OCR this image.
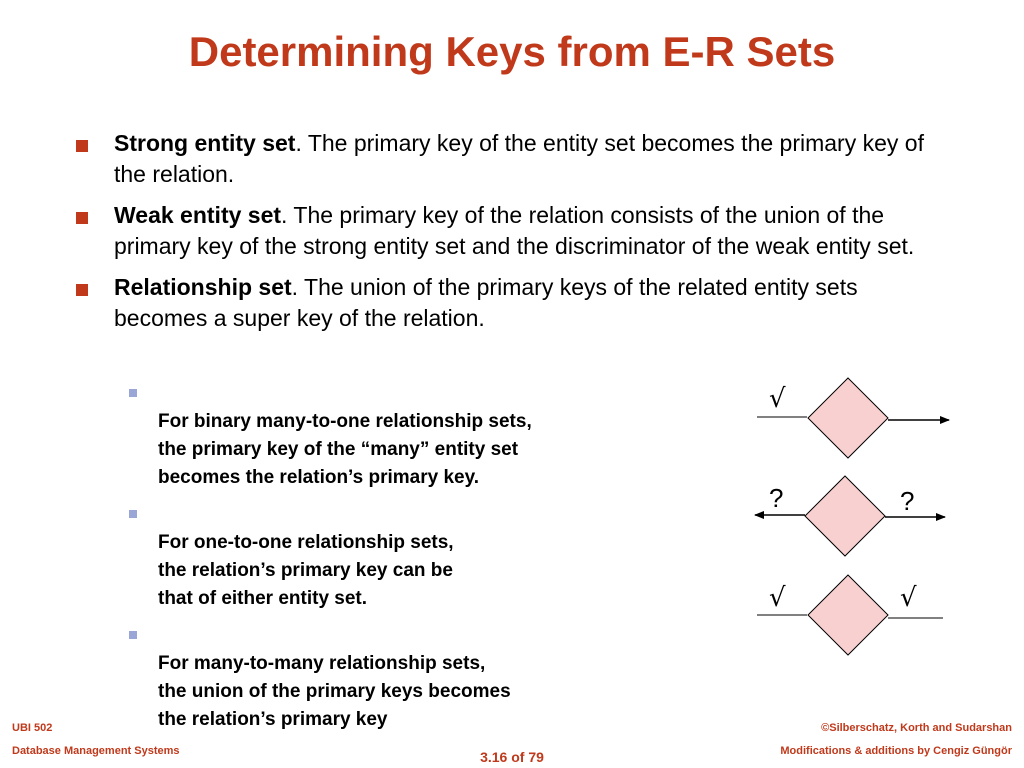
Determining Keys from E-R Sets
Strong entity set. The primary key of the entity set becomes the primary key of the relation.
Weak entity set. The primary key of the relation consists of the union of the primary key of the strong entity set and the discriminator of the weak entity set.
Relationship set. The union of the primary keys of the related entity sets becomes a super key of the relation.

For binary many-to-one relationship sets,
the primary key of the “many” entity set
becomes the relation’s primary key.

For one-to-one relationship sets,
the relation’s primary key can be
that of either entity set.

For many-to-many relationship sets,
the union of the primary keys becomes
the relation’s primary key

√
?	?
√	√
UBI 502
Database Management Systems	3.16 of 79
©Silberschatz, Korth and Sudarshan
Modifications & additions by Cengiz Güngör
